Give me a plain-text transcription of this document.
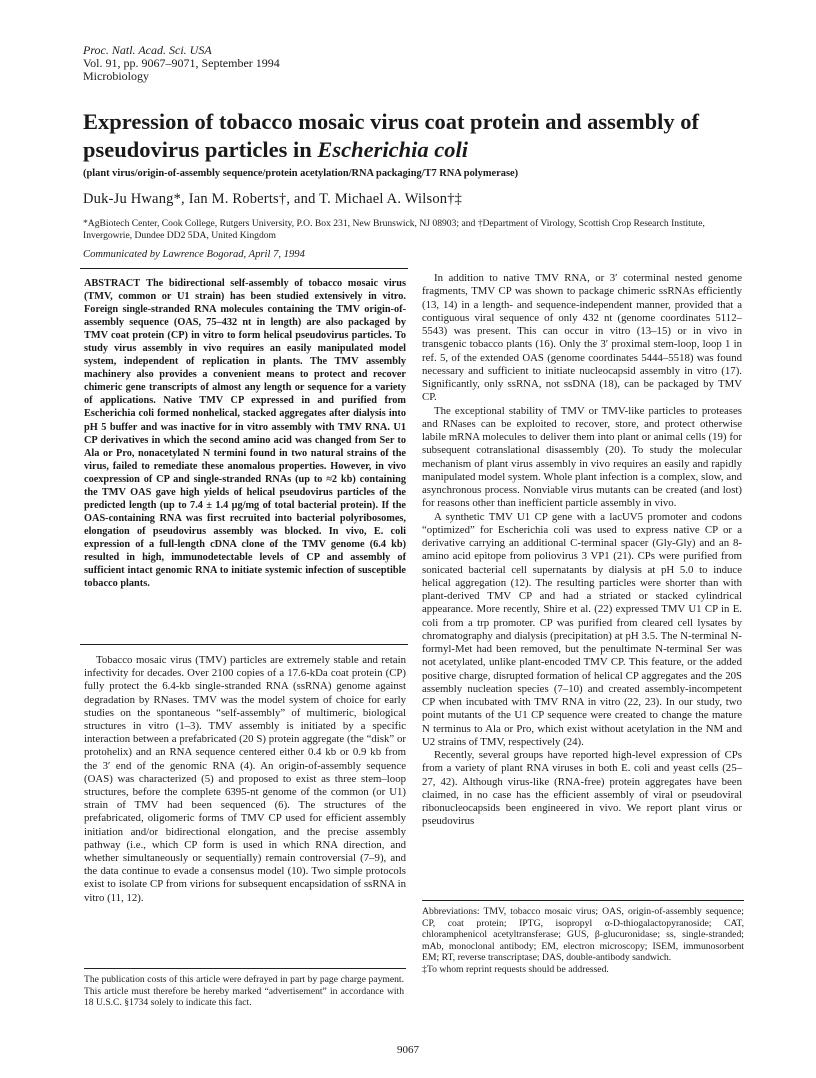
Proc. Natl. Acad. Sci. USA
Vol. 91, pp. 9067–9071, September 1994
Microbiology
Expression of tobacco mosaic virus coat protein and assembly of
pseudovirus particles in Escherichia coli
(plant virus/origin-of-assembly sequence/protein acetylation/RNA packaging/T7 RNA polymerase)
Duk-Ju Hwang*, Ian M. Roberts†, and T. Michael A. Wilson†‡
*AgBiotech Center, Cook College, Rutgers University, P.O. Box 231, New Brunswick, NJ 08903; and †Department of Virology, Scottish Crop Research Institute, Invergowrie, Dundee DD2 5DA, United Kingdom
Communicated by Lawrence Bogorad, April 7, 1994

ABSTRACT The bidirectional self-assembly of tobacco mosaic virus (TMV, common or U1 strain) has been studied extensively in vitro. Foreign single-stranded RNA molecules containing the TMV origin-of-assembly sequence (OAS, 75–432 nt in length) are also packaged by TMV coat protein (CP) in vitro to form helical pseudovirus particles. To study virus assembly in vivo requires an easily manipulated model system, independent of replication in plants. The TMV assembly machinery also provides a convenient means to protect and recover chimeric gene transcripts of almost any length or sequence for a variety of applications. Native TMV CP expressed in and purified from Escherichia coli formed nonhelical, stacked aggregates after dialysis into pH 5 buffer and was inactive for in vitro assembly with TMV RNA. U1 CP derivatives in which the second amino acid was changed from Ser to Ala or Pro, nonacetylated N termini found in two natural strains of the virus, failed to remediate these anomalous properties. However, in vivo coexpression of CP and single-stranded RNAs (up to ≈2 kb) containing the TMV OAS gave high yields of helical pseudovirus particles of the predicted length (up to 7.4 ± 1.4 μg/mg of total bacterial protein). If the OAS-containing RNA was first recruited into bacterial polyribosomes, elongation of pseudovirus assembly was blocked. In vivo, E. coli expression of a full-length cDNA clone of the TMV genome (6.4 kb) resulted in high, immunodetectable levels of CP and assembly of sufficient intact genomic RNA to initiate systemic infection of susceptible tobacco plants.

Tobacco mosaic virus (TMV) particles are extremely stable and retain infectivity for decades. Over 2100 copies of a 17.6-kDa coat protein (CP) fully protect the 6.4-kb single-stranded RNA (ssRNA) genome against degradation by RNases. TMV was the model system of choice for early studies on the spontaneous “self-assembly” of multimeric, biological structures in vitro (1–3). TMV assembly is initiated by a specific interaction between a prefabricated (20 S) protein aggregate (the “disk” or protohelix) and an RNA sequence centered either 0.4 kb or 0.9 kb from the 3′ end of the genomic RNA (4). An origin-of-assembly sequence (OAS) was characterized (5) and proposed to exist as three stem–loop structures, before the complete 6395-nt genome of the common (or U1) strain of TMV had been sequenced (6). The structures of the prefabricated, oligomeric forms of TMV CP used for efficient assembly initiation and/or bidirectional elongation, and the precise assembly pathway (i.e., which CP form is used in which RNA direction, and whether simultaneously or sequentially) remain controversial (7–9), and the data continue to evade a consensus model (10). Two simple protocols exist to isolate CP from virions for subsequent encapsidation of ssRNA in vitro (11, 12).

The publication costs of this article were defrayed in part by page charge payment. This article must therefore be hereby marked “advertisement” in accordance with 18 U.S.C. §1734 solely to indicate this fact.

In addition to native TMV RNA, or 3′ coterminal nested genome fragments, TMV CP was shown to package chimeric ssRNAs efficiently (13, 14) in a length- and sequence-independent manner, provided that a contiguous viral sequence of only 432 nt (genome coordinates 5112–5543) was present. This can occur in vitro (13–15) or in vivo in transgenic tobacco plants (16). Only the 3′ proximal stem-loop, loop 1 in ref. 5, of the extended OAS (genome coordinates 5444–5518) was found necessary and sufficient to initiate nucleocapsid assembly in vitro (17). Significantly, only ssRNA, not ssDNA (18), can be packaged by TMV CP.

The exceptional stability of TMV or TMV-like particles to proteases and RNases can be exploited to recover, store, and protect otherwise labile mRNA molecules to deliver them into plant or animal cells (19) for subsequent cotranslational disassembly (20). To study the molecular mechanism of plant virus assembly in vivo requires an easily and rapidly manipulated model system. Whole plant infection is a complex, slow, and asynchronous process. Nonviable virus mutants can be created (and lost) for reasons other than inefficient particle assembly in vivo.

A synthetic TMV U1 CP gene with a lacUV5 promoter and codons “optimized” for Escherichia coli was used to express native CP or a derivative carrying an additional C-terminal spacer (Gly-Gly) and an 8-amino acid epitope from poliovirus 3 VP1 (21). CPs were purified from sonicated bacterial cell supernatants by dialysis at pH 5.0 to induce helical aggregation (12). The resulting particles were shorter than with plant-derived TMV CP and had a striated or stacked cylindrical appearance. More recently, Shire et al. (22) expressed TMV U1 CP in E. coli from a trp promoter. CP was purified from cleared cell lysates by chromatography and dialysis (precipitation) at pH 3.5. The N-terminal N-formyl-Met had been removed, but the penultimate N-terminal Ser was not acetylated, unlike plant-encoded TMV CP. This feature, or the added positive charge, disrupted formation of helical CP aggregates and the 20S assembly nucleation species (7–10) and created assembly-incompetent CP when incubated with TMV RNA in vitro (22, 23). In our study, two point mutants of the U1 CP sequence were created to change the mature N terminus to Ala or Pro, which exist without acetylation in the NM and U2 strains of TMV, respectively (24).

Recently, several groups have reported high-level expression of CPs from a variety of plant RNA viruses in both E. coli and yeast cells (25–27, 42). Although virus-like (RNA-free) protein aggregates have been claimed, in no case has the efficient assembly of viral or pseudoviral ribonucleocapsids been engineered in vivo. We report plant virus or pseudovirus

Abbreviations: TMV, tobacco mosaic virus; OAS, origin-of-assembly sequence; CP, coat protein; IPTG, isopropyl α-D-thiogalactopyranoside; CAT, chloramphenicol acetyltransferase; GUS, β-glucuronidase; ss, single-stranded; mAb, monoclonal antibody; EM, electron microscopy; ISEM, immunosorbent EM; RT, reverse transcriptase; DAS, double-antibody sandwich.
‡To whom reprint requests should be addressed.
9067
